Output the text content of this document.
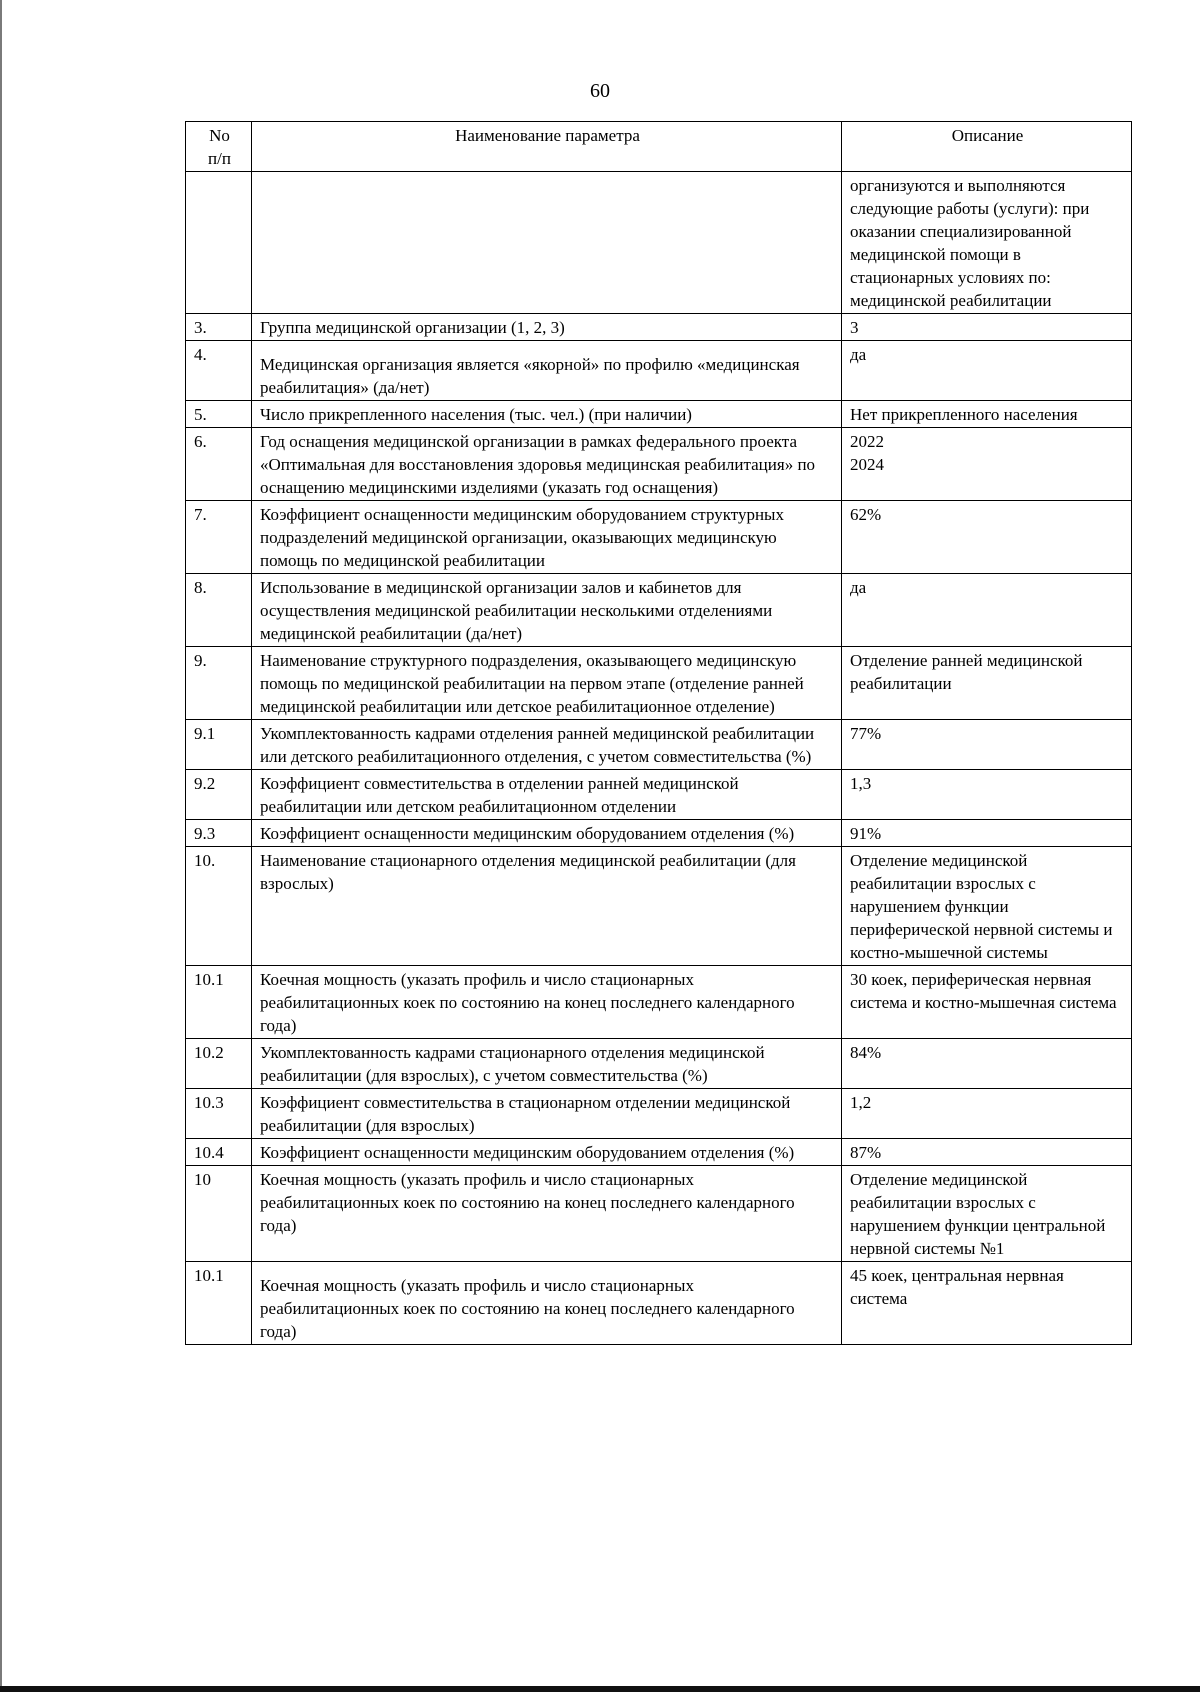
60
No
п/п	Наименование параметра	Описание
		организуются и выполняются следующие работы (услуги): при оказании специализированной медицинской помощи в стационарных условиях по: медицинской реабилитации
3.	Группа медицинской организации (1, 2, 3)	3
4.	Медицинская организация является «якорной» по профилю «медицинская реабилитация» (да/нет)	да
5.	Число прикрепленного населения (тыс. чел.) (при наличии)	Нет прикрепленного населения
6.	Год оснащения медицинской организации в рамках федерального проекта «Оптимальная для восстановления здоровья медицинская реабилитация» по оснащению медицинскими изделиями (указать год оснащения)	2022
2024
7.	Коэффициент оснащенности медицинским оборудованием структурных подразделений медицинской организации, оказывающих медицинскую помощь по медицинской реабилитации	62%
8.	Использование в медицинской организации залов и кабинетов для осуществления медицинской реабилитации несколькими отделениями медицинской реабилитации (да/нет)	да
9.	Наименование структурного подразделения, оказывающего медицинскую помощь по медицинской реабилитации на первом этапе (отделение ранней медицинской реабилитации или детское реабилитационное отделение)	Отделение ранней медицинской реабилитации
9.1	Укомплектованность кадрами отделения ранней медицинской реабилитации или детского реабилитационного отделения, с учетом совместительства (%)	77%
9.2	Коэффициент совместительства в отделении ранней медицинской реабилитации или детском реабилитационном отделении	1,3
9.3	Коэффициент оснащенности медицинским оборудованием отделения (%)	91%
10.	Наименование стационарного отделения медицинской реабилитации (для взрослых)	Отделение медицинской реабилитации взрослых с нарушением функции периферической нервной системы и костно-мышечной системы
10.1	Коечная мощность (указать профиль и число стационарных реабилитационных коек по состоянию на конец последнего календарного года)	30 коек, периферическая нервная система и костно-мышечная система
10.2	Укомплектованность кадрами стационарного отделения медицинской реабилитации (для взрослых), с учетом совместительства (%)	84%
10.3	Коэффициент совместительства в стационарном отделении медицинской реабилитации (для взрослых)	1,2
10.4	Коэффициент оснащенности медицинским оборудованием отделения (%)	87%
10	Коечная мощность (указать профиль и число стационарных реабилитационных коек по состоянию на конец последнего календарного года)	Отделение медицинской реабилитации взрослых с нарушением функции центральной нервной системы №1
10.1	Коечная мощность (указать профиль и число стационарных реабилитационных коек по состоянию на конец последнего календарного года)	45 коек, центральная нервная система
